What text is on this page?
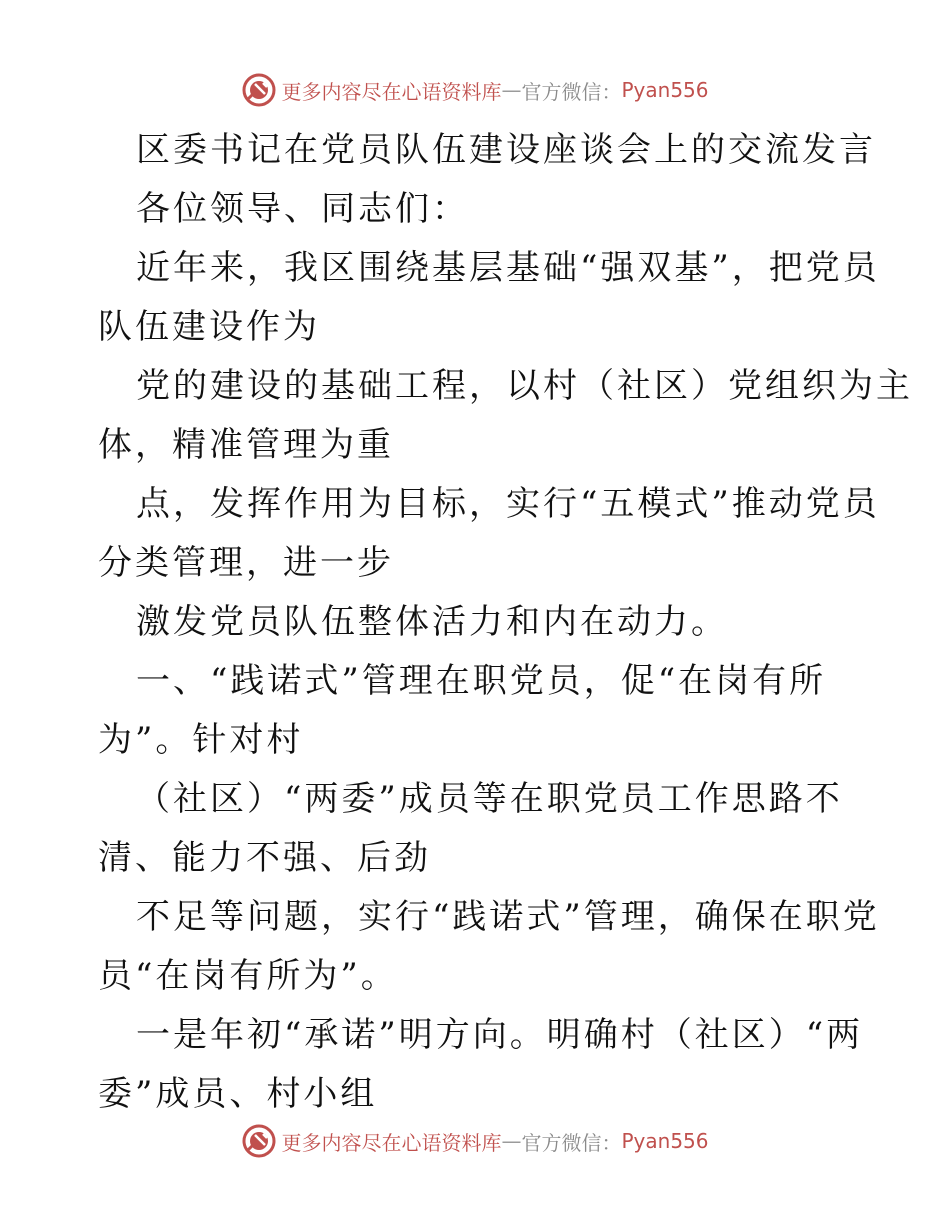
更多内容尽在心语资料库 — 官方微信： Pyan556
区委书记在党员队伍建设座谈会上的交流发言
各位领导、同志们：
近年来，我区围绕基层基础“强双基”，把党员
队伍建设作为
党的建设的基础工程，以村（社区）党组织为主
体，精准管理为重
点，发挥作用为目标，实行“五模式”推动党员
分类管理，进一步
激发党员队伍整体活力和内在动力。
一、“践诺式”管理在职党员，促“在岗有所
为”。针对村
（社区）“两委”成员等在职党员工作思路不
清、能力不强、后劲
不足等问题，实行“践诺式”管理，确保在职党
员“在岗有所为”。
一是年初“承诺”明方向。明确村（社区）“两
委”成员、村小组
更多内容尽在心语资料库 — 官方微信： Pyan556
